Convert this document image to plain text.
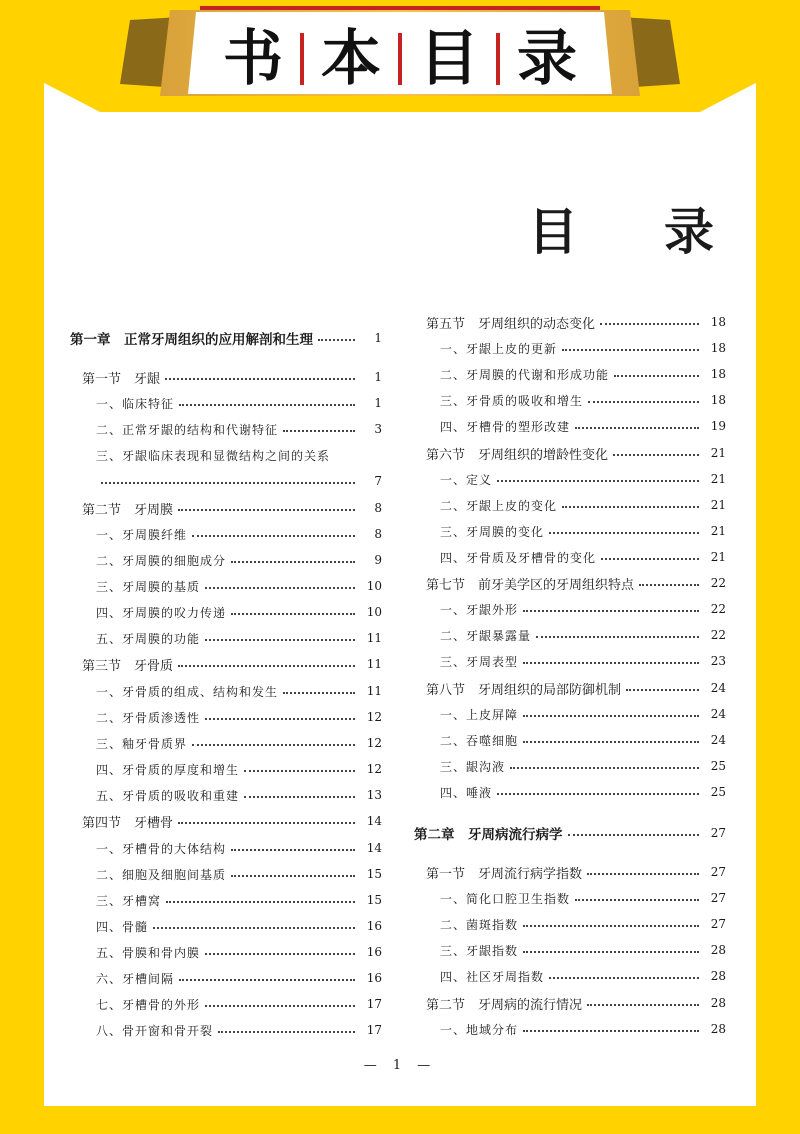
书 本 目 录
目录
第一章　正常牙周组织的应用解剖和生理	1
第一节　牙龈	1
一、临床特征	1
二、正常牙龈的结构和代谢特征	3
三、牙龈临床表现和显微结构之间的关系
7
第二节　牙周膜	8
一、牙周膜纤维	8
二、牙周膜的细胞成分	9
三、牙周膜的基质	10
四、牙周膜的㕮力传递	10
五、牙周膜的功能	11
第三节　牙骨质	11
一、牙骨质的组成、结构和发生	11
二、牙骨质渗透性	12
三、釉牙骨质界	12
四、牙骨质的厚度和增生	12
五、牙骨质的吸收和重建	13
第四节　牙槽骨	14
一、牙槽骨的大体结构	14
二、细胞及细胞间基质	15
三、牙槽窝	15
四、骨髓	16
五、骨膜和骨内膜	16
六、牙槽间隔	16
七、牙槽骨的外形	17
八、骨开窗和骨开裂	17
第五节　牙周组织的动态变化	18
一、牙龈上皮的更新	18
二、牙周膜的代谢和形成功能	18
三、牙骨质的吸收和增生	18
四、牙槽骨的塑形改建	19
第六节　牙周组织的增龄性变化	21
一、定义	21
二、牙龈上皮的变化	21
三、牙周膜的变化	21
四、牙骨质及牙槽骨的变化	21
第七节　前牙美学区的牙周组织特点	22
一、牙龈外形	22
二、牙龈暴露量	22
三、牙周表型	23
第八节　牙周组织的局部防御机制	24
一、上皮屏障	24
二、吞噬细胞	24
三、龈沟液	25
四、唾液	25
第二章　牙周病流行病学	27
第一节　牙周流行病学指数	27
一、简化口腔卫生指数	27
二、菌斑指数	27
三、牙龈指数	28
四、社区牙周指数	28
第二节　牙周病的流行情况	28
一、地域分布	28
— 1 —
